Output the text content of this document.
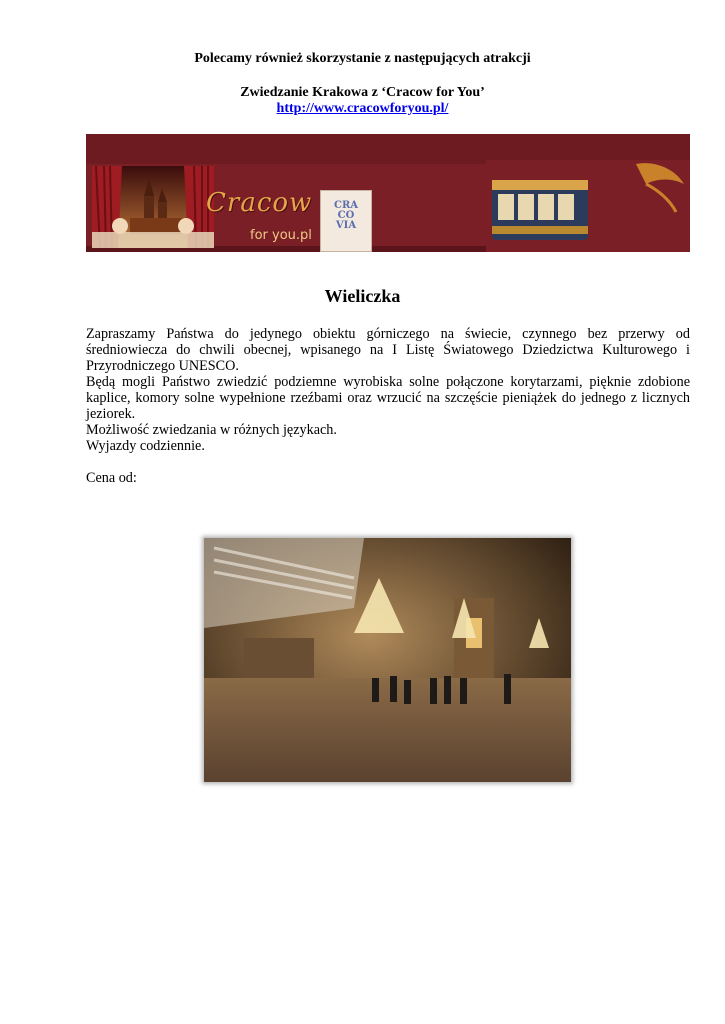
Polecamy również skorzystanie z następujących atrakcji
Zwiedzanie Krakowa z ‘Cracow for You’
http://www.cracowforyou.pl/
CRA
CO
VIA
Cracow
for you.pl
Wieliczka

Zapraszamy Państwa do jedynego obiektu górniczego na świecie, czynnego bez przerwy od średniowiecza do chwili obecnej, wpisanego na I Listę Światowego Dziedzictwa Kulturowego i Przyrodniczego UNESCO.

Będą mogli Państwo zwiedzić podziemne wyrobiska solne połączone korytarzami, pięknie zdobione kaplice, komory solne wypełnione rzeźbami oraz wrzucić na szczęście pieniążek do jednego z licznych jeziorek.

Możliwość zwiedzania w różnych językach.

Wyjazdy codziennie.

Cena od:
